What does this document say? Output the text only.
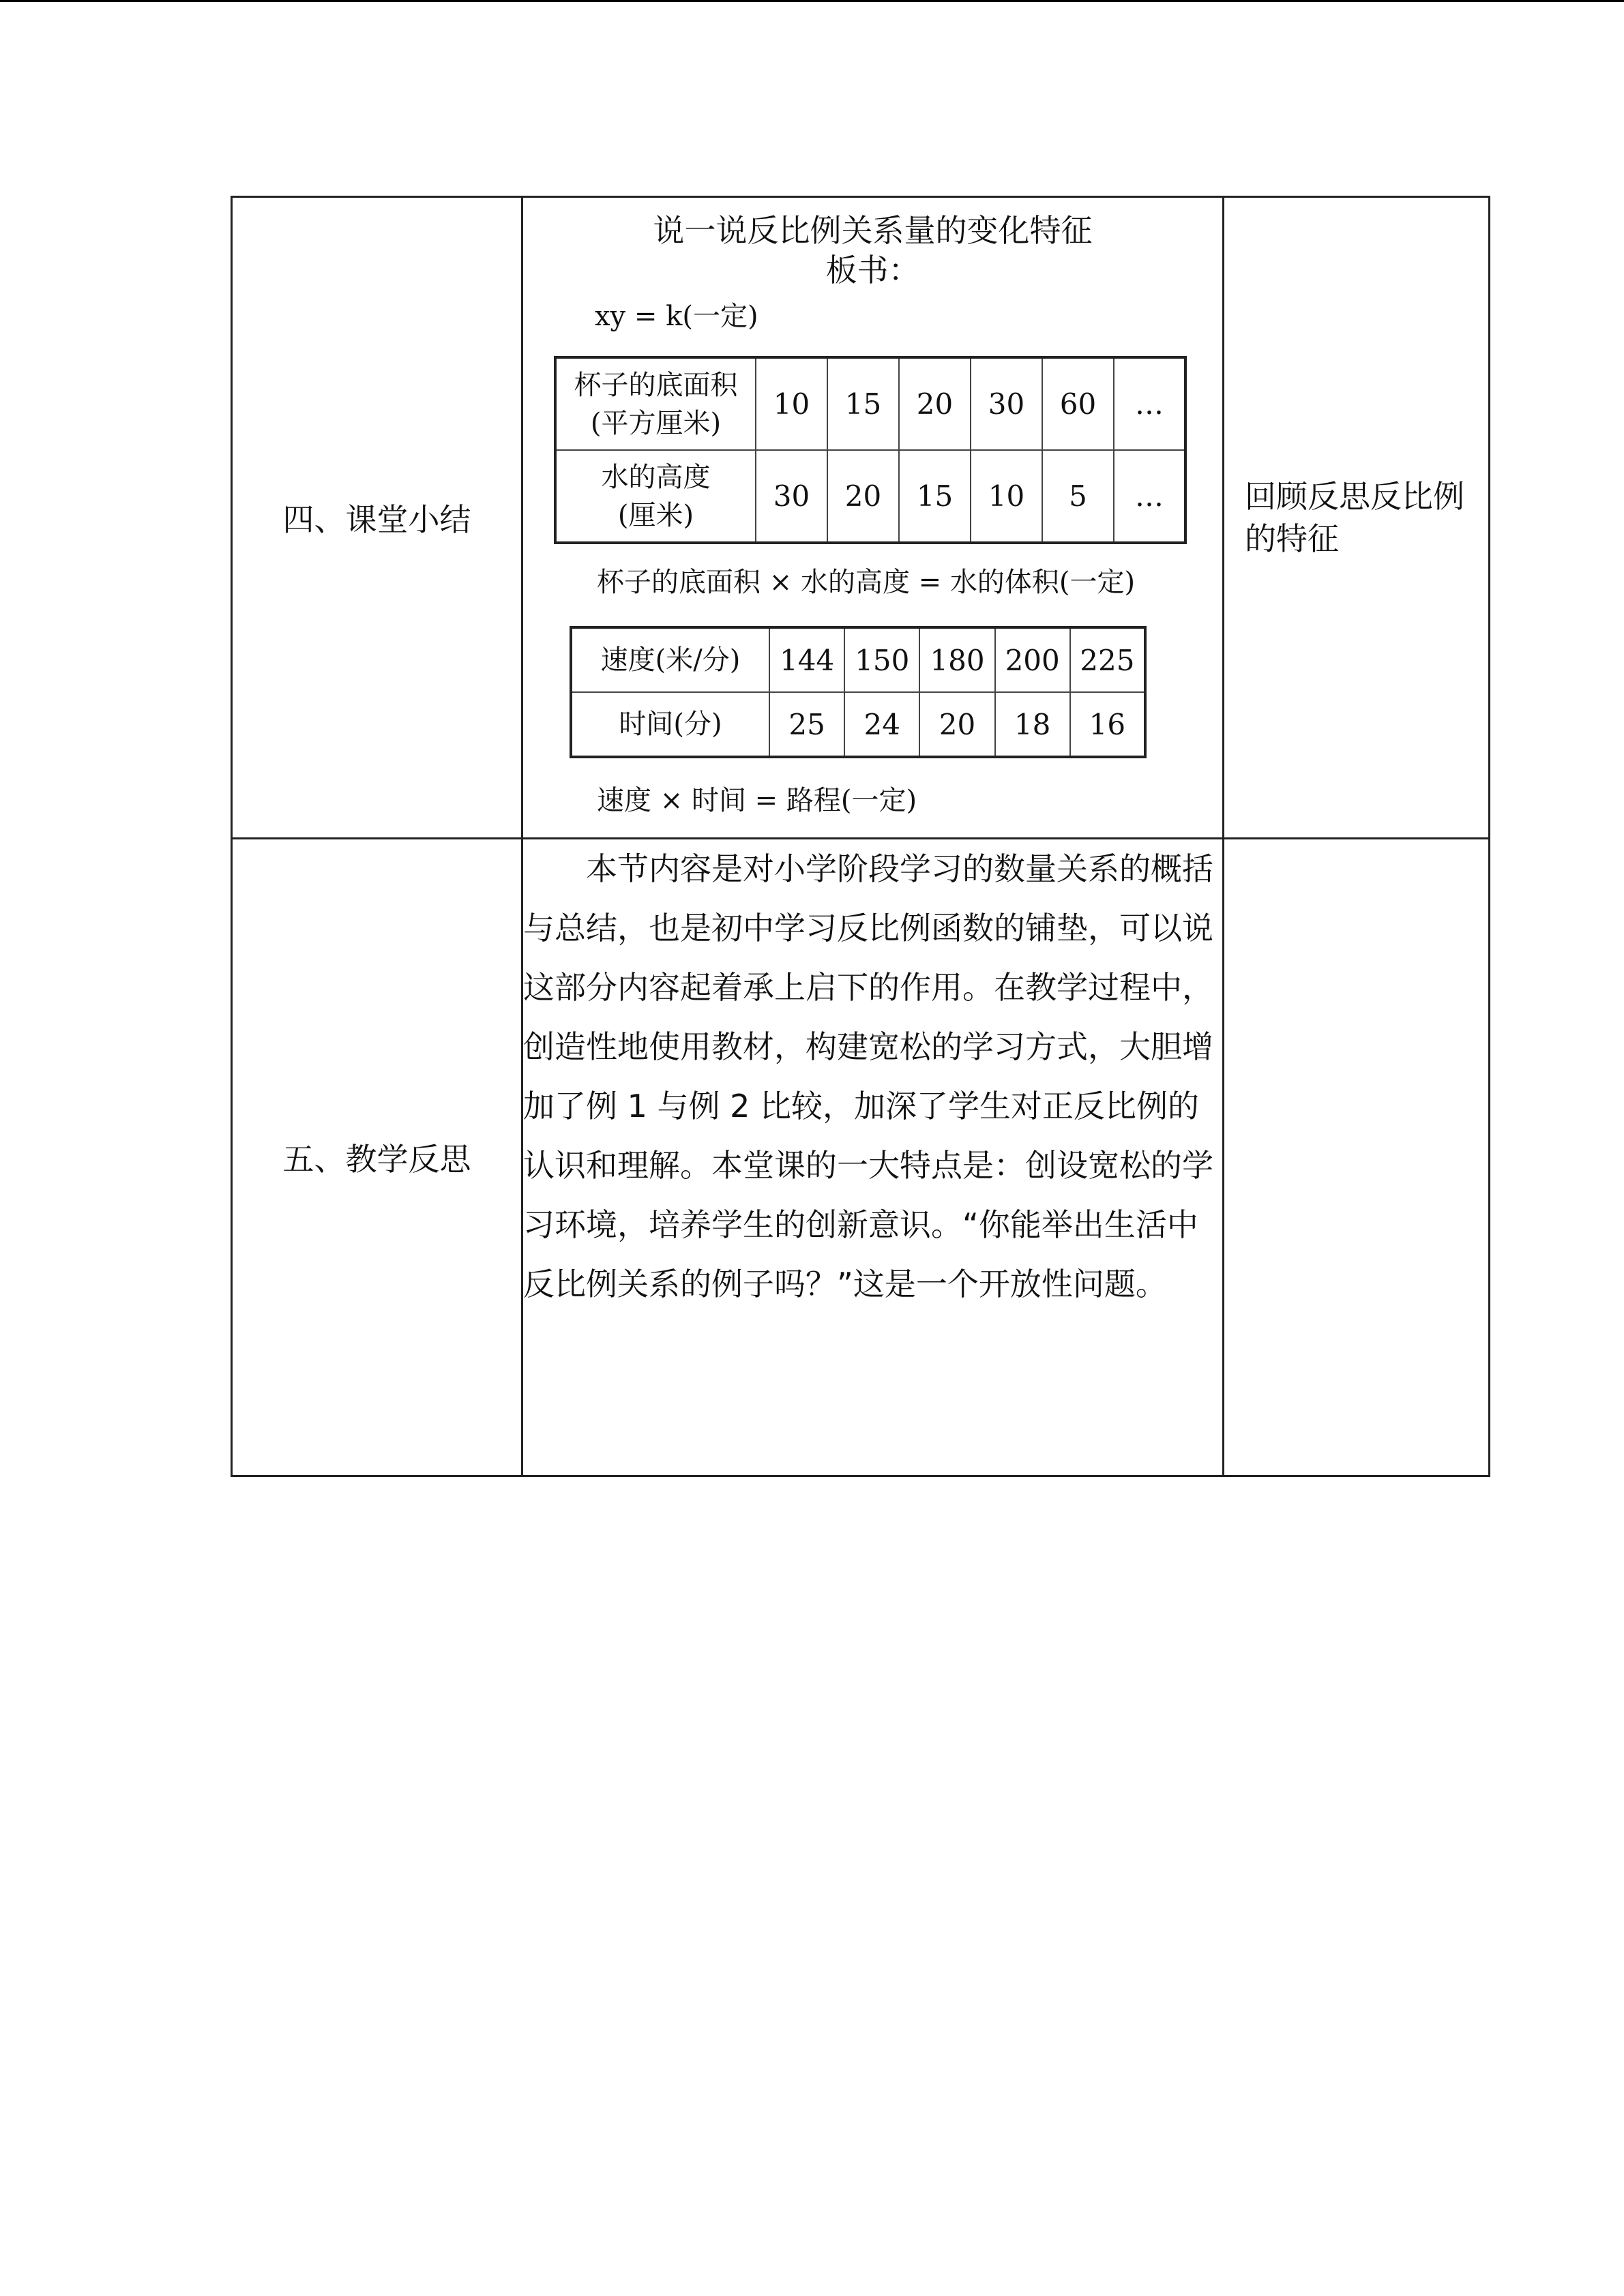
四、课堂小结	
说一说反比例关系量的变化特征
板书：
xy = k(一定)
杯子的底面积
(平方厘米)
	10	15	20	30	60	…

水的高度
(厘米)
	30	20	15	10	5	…
杯子的底面积 × 水的高度 = 水的体积(一定)
速度(米/分)	144	150	180	200	225
时间(分)	25	24	20	18	16
速度 × 时间 = 路程(一定)
	回顾反思反比例的特征
五、教学反思	本节内容是对小学阶段学习的数量关系的概括与总结，也是初中学习反比例函数的铺垫，可以说这部分内容起着承上启下的作用。在教学过程中，创造性地使用教材，构建宽松的学习方式，大胆增加了例 1 与例 2 比较，加深了学生对正反比例的认识和理解。本堂课的一大特点是：创设宽松的学习环境，培养学生的创新意识。“你能举出生活中反比例关系的例子吗？”这是一个开放性问题。	
